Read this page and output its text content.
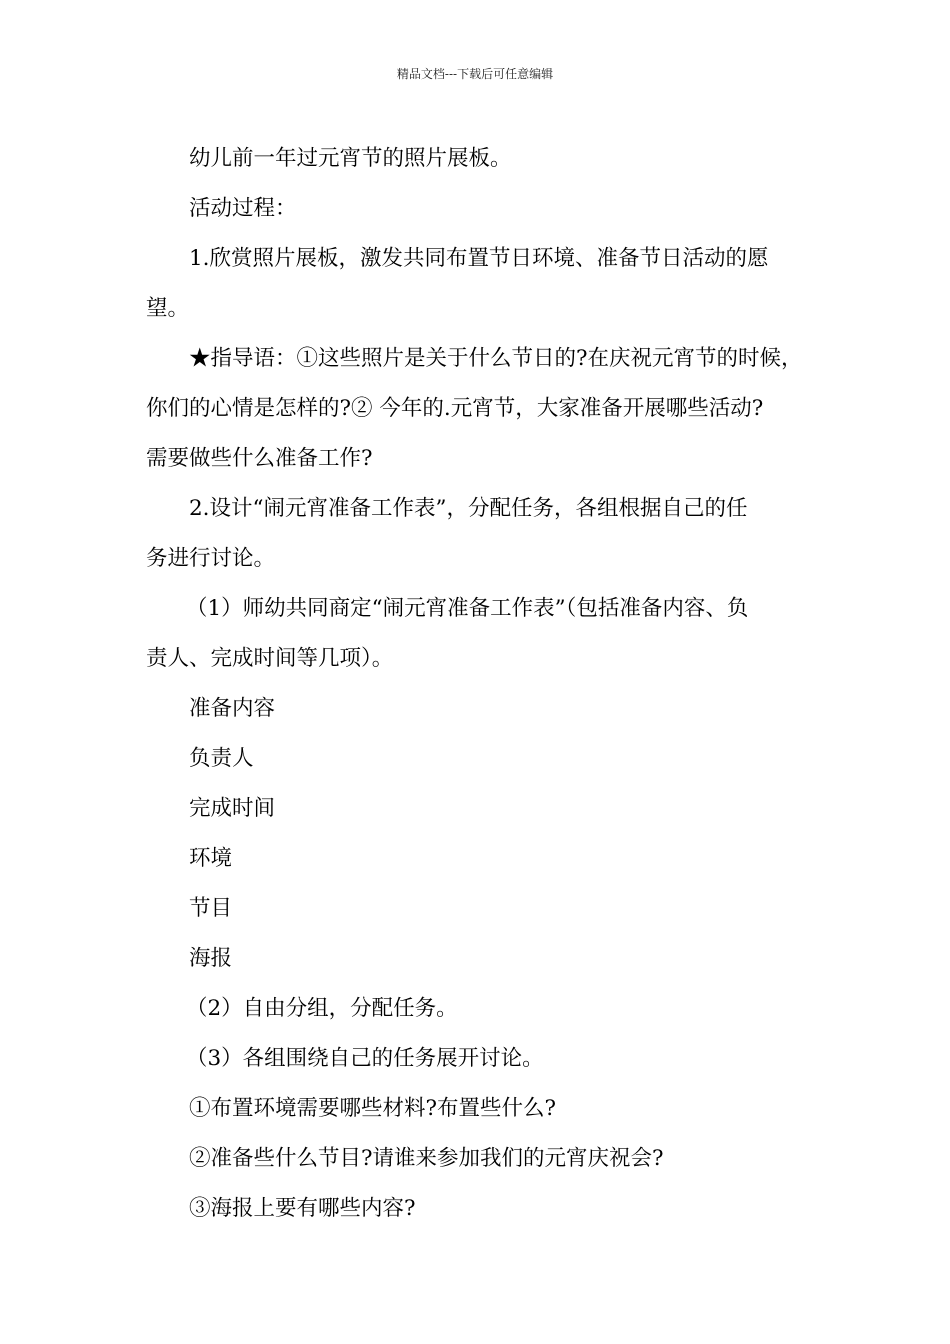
精品文档---下载后可任意编辑

幼儿前一年过元宵节的照片展板。

活动过程：

1.欣赏照片展板，激发共同布置节日环境、准备节日活动的愿

望。

★指导语：①这些照片是关于什么节日的?在庆祝元宵节的时候，

你们的心情是怎样的?② 今年的.元宵节，大家准备开展哪些活动?

需要做些什么准备工作?

2.设计“闹元宵准备工作表”，分配任务，各组根据自己的任

务进行讨论。

（1）师幼共同商定“闹元宵准备工作表”（包括准备内容、负

责人、完成时间等几项）。

准备内容

负责人

完成时间

环境

节目

海报

（2）自由分组，分配任务。

（3）各组围绕自己的任务展开讨论。

①布置环境需要哪些材料?布置些什么?

②准备些什么节目?请谁来参加我们的元宵庆祝会?

③海报上要有哪些内容?
